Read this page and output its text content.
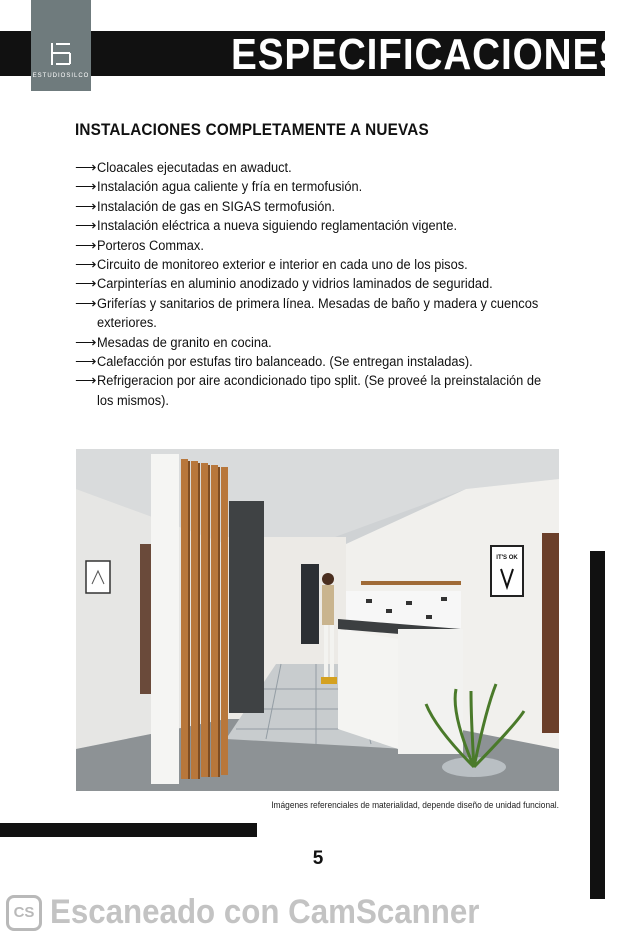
ESTUDIOSILCO	ESPECIFICACIONES
INSTALACIONES COMPLETAMENTE A NUEVAS
⟶ Cloacales ejecutadas en awaduct.
⟶ Instalación agua caliente y fría en termofusión.
⟶ Instalación de gas en SIGAS termofusión.
⟶ Instalación eléctrica a nueva siguiendo reglamentación vigente.
⟶ Porteros Commax.
⟶ Circuito de monitoreo exterior e interior en cada uno de los pisos.
⟶ Carpinterías en aluminio anodizado y vidrios laminados de seguridad.
⟶ Griferías y sanitarios de primera línea. Mesadas de baño y madera y cuencos exteriores.
⟶ Mesadas de granito en cocina.
⟶ Calefacción por estufas tiro balanceado. (Se entregan instaladas).
⟶ Refrigeracion por aire acondicionado tipo split. (Se proveé la preinstalación de los mismos).
IT'S OK
Imágenes referenciales de materialidad, depende diseño de unidad funcional.
5
CS Escaneado con CamScanner
